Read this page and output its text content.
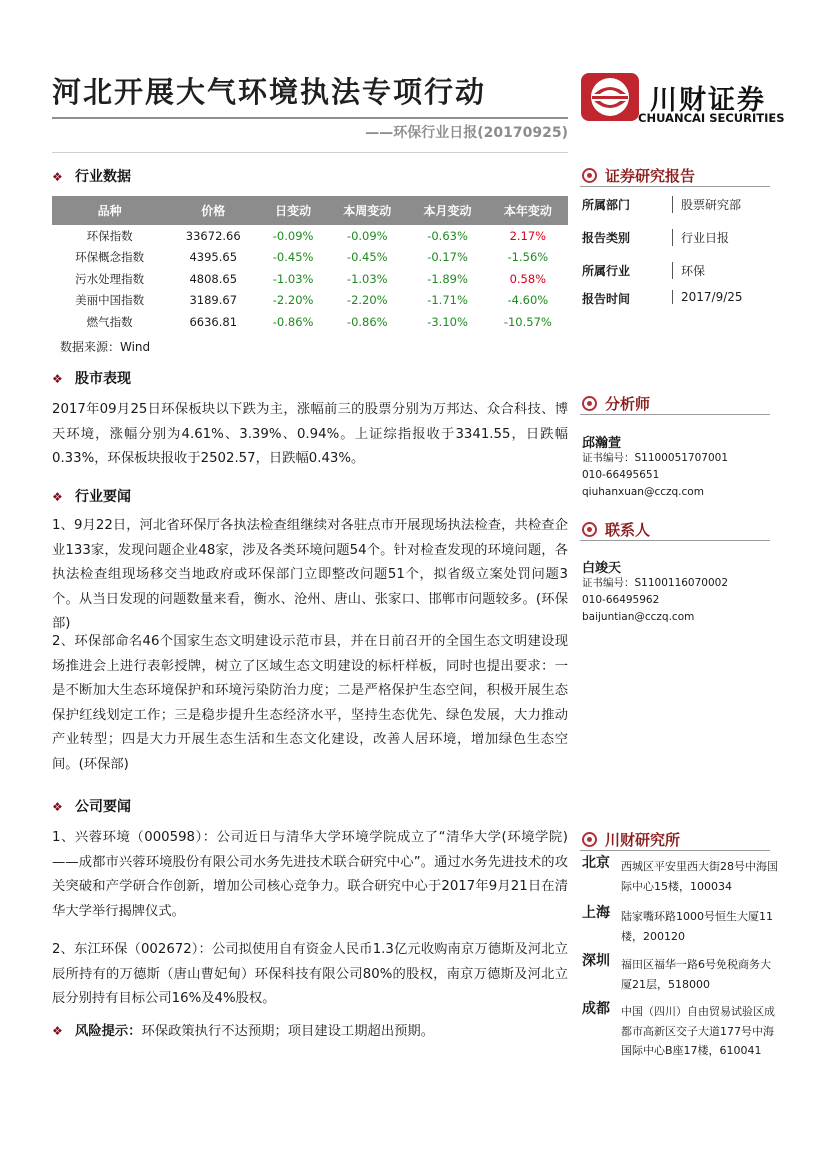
河北开展大气环境执法专项行动
——环保行业日报(20170925)
川财证券
CHUANCAI SECURITIES
❖ 行业数据
品种	价格	日变动	本周变动	本月变动	本年变动
环保指数	33672.66	-0.09%	-0.09%	-0.63%	2.17%
环保概念指数	4395.65	-0.45%	-0.45%	-0.17%	-1.56%
污水处理指数	4808.65	-1.03%	-1.03%	-1.89%	0.58%
美丽中国指数	3189.67	-2.20%	-2.20%	-1.71%	-4.60%
燃气指数	6636.81	-0.86%	-0.86%	-3.10%	-10.57%
数据来源：Wind
❖ 股市表现
2017年09月25日环保板块以下跌为主，涨幅前三的股票分别为万邦达、众合科技、博天环境，涨幅分别为4.61%、3.39%、0.94%。上证综指报收于3341.55，日跌幅0.33%，环保板块报收于2502.57，日跌幅0.43%。
❖ 行业要闻
1、9月22日，河北省环保厅各执法检查组继续对各驻点市开展现场执法检查，共检查企业133家，发现问题企业48家，涉及各类环境问题54个。针对检查发现的环境问题，各执法检查组现场移交当地政府或环保部门立即整改问题51个，拟省级立案处罚问题3个。从当日发现的问题数量来看，衡水、沧州、唐山、张家口、邯郸市问题较多。(环保部)
2、环保部命名46个国家生态文明建设示范市县，并在日前召开的全国生态文明建设现场推进会上进行表彰授牌，树立了区域生态文明建设的标杆样板，同时也提出要求：一是不断加大生态环境保护和环境污染防治力度；二是严格保护生态空间，积极开展生态保护红线划定工作；三是稳步提升生态经济水平，坚持生态优先、绿色发展，大力推动产业转型；四是大力开展生态生活和生态文化建设，改善人居环境，增加绿色生态空间。(环保部)
❖ 公司要闻
1、兴蓉环境（000598）：公司近日与清华大学环境学院成立了“清华大学(环境学院)——成都市兴蓉环境股份有限公司水务先进技术联合研究中心”。通过水务先进技术的攻关突破和产学研合作创新，增加公司核心竞争力。联合研究中心于2017年9月21日在清华大学举行揭牌仪式。
2、东江环保（002672）：公司拟使用自有资金人民币1.3亿元收购南京万德斯及河北立辰所持有的万德斯（唐山曹妃甸）环保科技有限公司80%的股权，南京万德斯及河北立辰分别持有目标公司16%及4%股权。
❖ 风险提示：环保政策执行不达预期；项目建设工期超出预期。
证券研究报告
所属部门	股票研究部
报告类别	行业日报
所属行业	环保
报告时间	2017/9/25
分析师
邱瀚萱
证书编号：S1100051707001
010-66495651
qiuhanxuan@cczq.com
联系人
白竣天
证书编号：S1100116070002
010-66495962
baijuntian@cczq.com
川财研究所
北京 西城区平安里西大街28号中海国际中心15楼，100034
上海 陆家嘴环路1000号恒生大厦11楼，200120
深圳 福田区福华一路6号免税商务大厦21层，518000
成都 中国（四川）自由贸易试验区成都市高新区交子大道177号中海国际中心B座17楼，610041
